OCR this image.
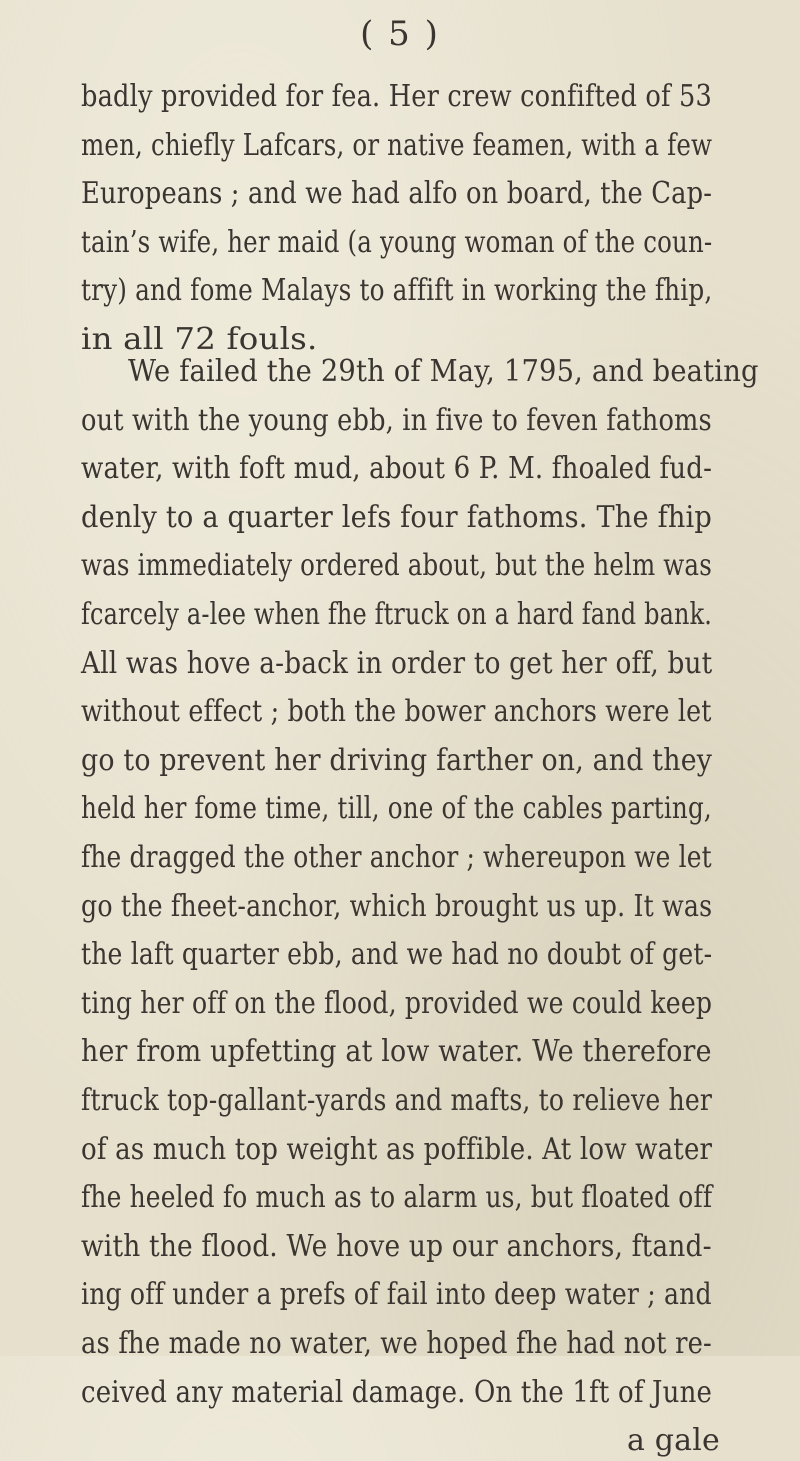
( 5 )
badly provided for fea. Her crew confifted of 53
men, chiefly Lafcars, or native feamen, with a few
Europeans ; and we had alfo on board, the Cap-
tain’s wife, her maid (a young woman of the coun-
try) and fome Malays to affift in working the fhip,
in all 72 fouls.
We failed the 29th of May, 1795, and beating
out with the young ebb, in five to feven fathoms
water, with foft mud, about 6 P. M. fhoaled fud-
denly to a quarter lefs four fathoms. The fhip
was immediately ordered about, but the helm was
fcarcely a-lee when fhe ftruck on a hard fand bank.
All was hove a-back in order to get her off, but
without effect ; both the bower anchors were let
go to prevent her driving farther on, and they
held her fome time, till, one of the cables parting,
fhe dragged the other anchor ; whereupon we let
go the fheet-anchor, which brought us up. It was
the laft quarter ebb, and we had no doubt of get-
ting her off on the flood, provided we could keep
her from upfetting at low water. We therefore
ftruck top-gallant-yards and mafts, to relieve her
of as much top weight as poffible. At low water
fhe heeled fo much as to alarm us, but floated off
with the flood. We hove up our anchors, ftand-
ing off under a prefs of fail into deep water ; and
as fhe made no water, we hoped fhe had not re-
ceived any material damage. On the 1ft of June
a gale
